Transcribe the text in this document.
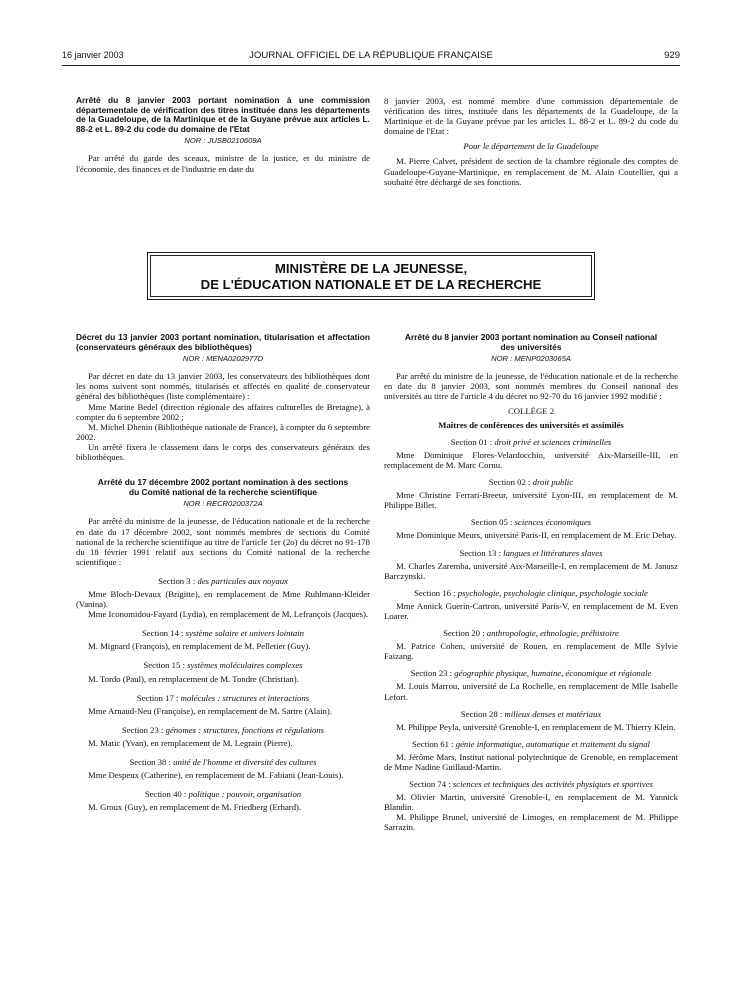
16 janvier 2003	JOURNAL OFFICIEL DE LA RÉPUBLIQUE FRANÇAISE	929
Arrêté du 8 janvier 2003 portant nomination à une commission départementale de vérification des titres instituée dans les départements de la Guadeloupe, de la Martinique et de la Guyane prévue aux articles L. 88-2 et L. 89-2 du code du domaine de l'Etat
NOR : JUSB0210609A
Par arrêté du garde des sceaux, ministre de la justice, et du ministre de l'économie, des finances et de l'industrie en date du
8 janvier 2003, est nommé membre d'une commission départementale de vérification des titres, instituée dans les départements de la Guadeloupe, de la Martinique et de la Guyane prévue par les articles L. 88-2 et L. 89-2 du code du domaine de l'Etat :
Pour le département de la Guadeloupe
M. Pierre Calvet, président de section de la chambre régionale des comptes de Guadeloupe-Guyane-Martinique, en remplacement de M. Alain Coutellier, qui a souhaité être déchargé de ses fonctions.
MINISTÈRE DE LA JEUNESSE,
DE L'ÉDUCATION NATIONALE ET DE LA RECHERCHE
Décret du 13 janvier 2003 portant nomination, titularisation et affectation (conservateurs généraux des bibliothèques)
NOR : MENA0202977D
Par décret en date du 13 janvier 2003, les conservateurs des bibliothèques dont les noms suivent sont nommés, titularisés et affectés en qualité de conservateur général des bibliothèques (liste complémentaire) :
Mme Marine Bedel (direction régionale des affaires culturelles de Bretagne), à compter du 6 septembre 2002 ;
M. Michel Dhenin (Bibliothèque nationale de France), à compter du 6 septembre 2002.
Un arrêté fixera le classement dans le corps des conservateurs généraux des bibliothèques.
Arrêté du 17 décembre 2002 portant nomination à des sections du Comité national de la recherche scientifique
NOR : RECR0200372A
Par arrêté du ministre de la jeunesse, de l'éducation nationale et de la recherche en date du 17 décembre 2002, sont nommés membres de sections du Comité national de la recherche scientifique au titre de l'article 1er (2o) du décret no 91-178 du 18 février 1991 relatif aux sections du Comité national de la recherche scientifique :
Section 3 : des particules aux noyaux
Mme Bloch-Devaux (Brigitte), en remplacement de Mme Ruhlmann-Kleider (Vanina).
Mme Iconomidou-Fayard (Lydia), en remplacement de M. Lefrançois (Jacques).
Section 14 : système solaire et univers lointain
M. Mignard (François), en remplacement de M. Pelletier (Guy).
Section 15 : systèmes moléculaires complexes
M. Tordo (Paul), en remplacement de M. Tondre (Christian).
Section 17 : molécules : structures et interactions
Mme Arnaud-Neu (Françoise), en remplacement de M. Sartre (Alain).
Section 23 : génomes : structures, fonctions et régulations
M. Matic (Yvan), en remplacement de M. Legrain (Pierre).
Section 38 : unité de l'homme et diversité des cultures
Mme Despeux (Catherine), en remplacement de M. Fabiani (Jean-Louis).
Section 40 : politique : pouvoir, organisation
M. Groux (Guy), en remplacement de M. Friedberg (Erhard).
Arrêté du 8 janvier 2003 portant nomination au Conseil national des universités
NOR : MENP0203065A
Par arrêté du ministre de la jeunesse, de l'éducation nationale et de la recherche en date du 8 janvier 2003, sont nommés membres du Conseil national des universités au titre de l'article 4 du décret no 92-70 du 16 janvier 1992 modifié :
COLLÈGE 2
Maîtres de conférences des universités et assimilés
Section 01 : droit privé et sciences criminelles
Mme Dominique Flores-Velardocchio, université Aix-Marseille-III, en remplacement de M. Marc Cornu.
Section 02 : droit public
Mme Christine Ferrari-Breeur, université Lyon-III, en remplacement de M. Philippe Billet.
Section 05 : sciences économiques
Mme Dominique Meurs, université Paris-II, en remplacement de M. Eric Dehay.
Section 13 : langues et littératures slaves
M. Charles Zaremba, université Aix-Marseille-I, en remplacement de M. Janusz Barczynski.
Section 16 : psychologie, psychologie clinique, psychologie sociale
Mme Annick Guerin-Cartron, université Paris-V, en remplacement de M. Even Loarer.
Section 20 : anthropologie, ethnologie, préhistoire
M. Patrice Cohen, université de Rouen, en remplacement de Mlle Sylvie Faizang.
Section 23 : géographie physique, humaine, économique et régionale
M. Louis Marrou, université de La Rochelle, en remplacement de Mlle Isabelle Lefort.
Section 28 : milieux denses et matériaux
M. Philippe Peyla, université Grenoble-I, en remplacement de M. Thierry Klein.
Section 61 : génie informatique, automatique et traitement du signal
M. Jérôme Mars, Institut national polytechnique de Grenoble, en remplacement de Mme Nadine Guillaud-Martin.
Section 74 : sciences et techniques des activités physiques et sportives
M. Olivier Martin, université Grenoble-I, en remplacement de M. Yannick Blandin.
M. Philippe Brunel, université de Limoges, en remplacement de M. Philippe Sarrazin.
